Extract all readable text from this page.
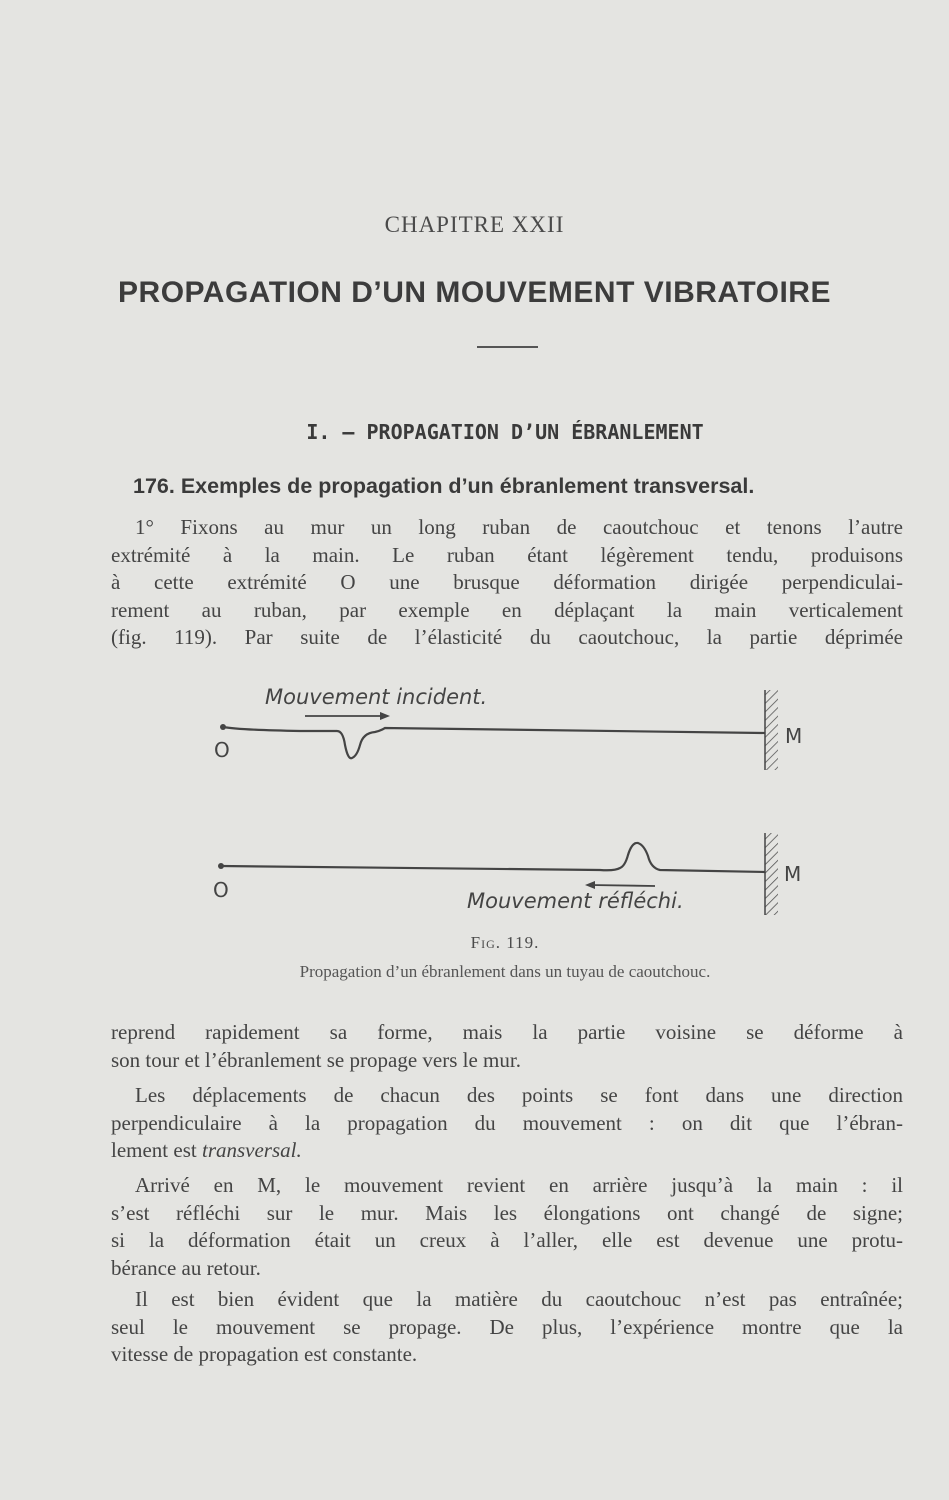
CHAPITRE XXII
PROPAGATION D’UN MOUVEMENT VIBRATOIRE
I. — PROPAGATION D’UN ÉBRANLEMENT
176. Exemples de propagation d’un ébranlement transversal.
1° Fixons au mur un long ruban de caoutchouc et tenons l’autre
extrémité à la main. Le ruban étant légèrement tendu, produisons
à cette extrémité O une brusque déformation dirigée perpendiculai-
rement au ruban, par exemple en déplaçant la main verticalement
(fig. 119). Par suite de l’élasticité du caoutchouc, la partie déprimée
Mouvement incident.
O
M
O
M
Mouvement réfléchi.
Fig. 119.
Propagation d’un ébranlement dans un tuyau de caoutchouc.
reprend rapidement sa forme, mais la partie voisine se déforme à
son tour et l’ébranlement se propage vers le mur.
Les déplacements de chacun des points se font dans une direction
perpendiculaire à la propagation du mouvement : on dit que l’ébran-
lement est transversal.
Arrivé en M, le mouvement revient en arrière jusqu’à la main : il
s’est réfléchi sur le mur. Mais les élongations ont changé de signe;
si la déformation était un creux à l’aller, elle est devenue une protu-
bérance au retour.
Il est bien évident que la matière du caoutchouc n’est pas entraînée;
seul le mouvement se propage. De plus, l’expérience montre que la
vitesse de propagation est constante.
